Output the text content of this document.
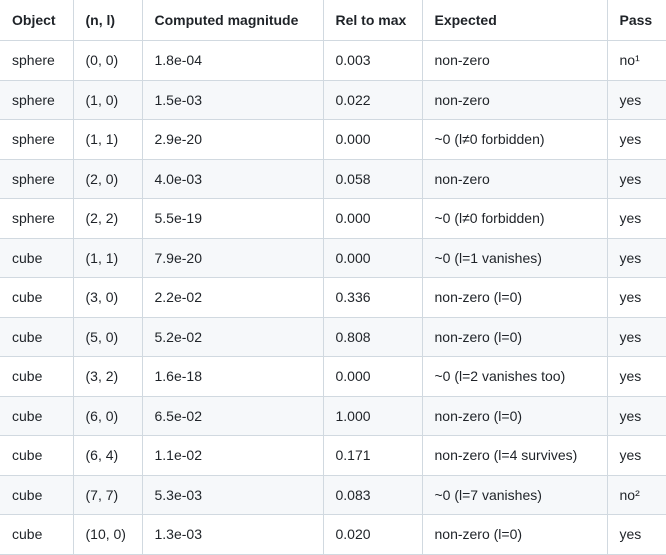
Object	(n, l)	Computed magnitude	Rel to max	Expected	Pass
sphere	(0, 0)	1.8e-04	0.003	non-zero	no¹
sphere	(1, 0)	1.5e-03	0.022	non-zero	yes
sphere	(1, 1)	2.9e-20	0.000	~0 (l≠0 forbidden)	yes
sphere	(2, 0)	4.0e-03	0.058	non-zero	yes
sphere	(2, 2)	5.5e-19	0.000	~0 (l≠0 forbidden)	yes
cube	(1, 1)	7.9e-20	0.000	~0 (l=1 vanishes)	yes
cube	(3, 0)	2.2e-02	0.336	non-zero (l=0)	yes
cube	(5, 0)	5.2e-02	0.808	non-zero (l=0)	yes
cube	(3, 2)	1.6e-18	0.000	~0 (l=2 vanishes too)	yes
cube	(6, 0)	6.5e-02	1.000	non-zero (l=0)	yes
cube	(6, 4)	1.1e-02	0.171	non-zero (l=4 survives)	yes
cube	(7, 7)	5.3e-03	0.083	~0 (l=7 vanishes)	no²
cube	(10, 0)	1.3e-03	0.020	non-zero (l=0)	yes
